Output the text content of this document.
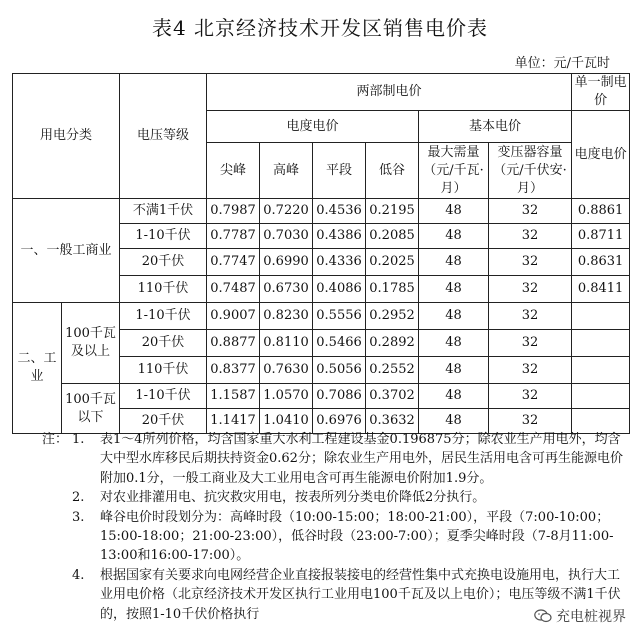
表4 北京经济技术开发区销售电价表
单位：元/千瓦时
用电分类		电压等级	两部制电价						单一制电价
			电度电价				基本电价		电度电价
			尖峰	高峰	平段	低谷	最大需量（元/千瓦·月）	变压器容量（元/千伏安·月）	
一、一般工商业		不满1千伏	0.7987	0.7220	0.4536	0.2195	48	32	0.8861
		1-10千伏	0.7787	0.7030	0.4386	0.2085	48	32	0.8711
		20千伏	0.7747	0.6990	0.4336	0.2025	48	32	0.8631
		110千伏	0.7487	0.6730	0.4086	0.1785	48	32	0.8411
二、工业	100千瓦及以上	1-10千伏	0.9007	0.8230	0.5556	0.2952	48	32	
		20千伏	0.8877	0.8110	0.5466	0.2892	48	32	
		110千伏	0.8377	0.7630	0.5056	0.2552	48	32	
	100千瓦以下	1-10千伏	1.1587	1.0570	0.7086	0.3702	48	32	
		20千伏	1.1417	1.0410	0.6976	0.3632	48	32	
注： 1. 表1～4所列价格，均含国家重大水利工程建设基金0.196875分；除农业生产用电外，均含大中型水库移民后期扶持资金0.62分；除农业生产用电外，居民生活用电含可再生能源电价附加0.1分，一般工商业及大工业用电含可再生能源电价附加1.9分。
2. 对农业排灌用电、抗灾救灾用电，按表所列分类电价降低2分执行。
3. 峰谷电价时段划分为：高峰时段（10:00-15:00；18:00-21:00），平段（7:00-10:00；15:00-18:00；21:00-23:00），低谷时段（23:00-7:00）；夏季尖峰时段（7-8月11:00-13:00和16:00-17:00）。
4. 根据国家有关要求向电网经营企业直接报装接电的经营性集中式充换电设施用电，执行大工业用电价格（北京经济技术开发区执行工业用电100千瓦及以上电价）；电压等级不满1千伏的，按照1-10千伏价格执行	充电桩视界
